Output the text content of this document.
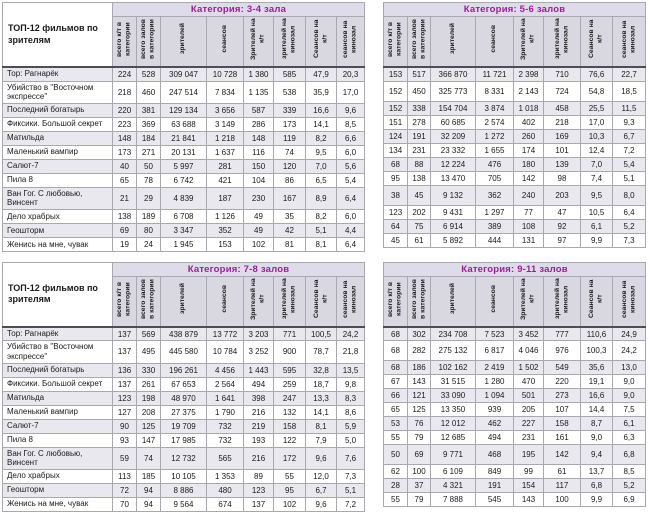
ТОП-12 фильмов по зрителям	Категория: 3-4 зала							
	всего к/т в категории	всего залов в категории	зрителей	сеансов	Зрителей на к/т	зрителей на кинозал	Сеансов на к/т	сеансов на кинозал
Тор: Рагнарёк	224	528	309 047	10 728	1 380	585	47,9	20,3
Убийство в "Восточном экспрессе"	218	460	247 514	7 834	1 135	538	35,9	17,0
Последний богатырь	220	381	129 134	3 656	587	339	16,6	9,6
Фиксики. Большой секрет	223	369	63 688	3 149	286	173	14,1	8,5
Матильда	148	184	21 841	1 218	148	119	8,2	6,6
Маленький вампир	173	271	20 131	1 637	116	74	9,5	6,0
Салют-7	40	50	5 997	281	150	120	7,0	5,6
Пила 8	65	78	6 742	421	104	86	6,5	5,4
Ван Гог. С любовью, Винсент	21	29	4 839	187	230	167	8,9	6,4
Дело храбрых	138	189	6 708	1 126	49	35	8,2	6,0
Геошторм	69	80	3 347	352	49	42	5,1	4,4
Женись на мне, чувак	19	24	1 945	153	102	81	8,1	6,4
Категория: 5-6 залов							
всего к/т в категории	всего залов в категории	зрителей	сеансов	Зрителей на к/т	зрителей на кинозал	Сеансов на к/т	сеансов на кинозал
153	517	366 870	11 721	2 398	710	76,6	22,7
152	450	325 773	8 331	2 143	724	54,8	18,5
152	338	154 704	3 874	1 018	458	25,5	11,5
151	278	60 685	2 574	402	218	17,0	9,3
124	191	32 209	1 272	260	169	10,3	6,7
134	231	23 332	1 655	174	101	12,4	7,2
68	88	12 224	476	180	139	7,0	5,4
95	138	13 470	705	142	98	7,4	5,1
38	45	9 132	362	240	203	9,5	8,0
123	202	9 431	1 297	77	47	10,5	6,4
64	75	6 914	389	108	92	6,1	5,2
45	61	5 892	444	131	97	9,9	7,3
ТОП-12 фильмов по зрителям	Категория: 7-8 залов							
	всего к/т в категории	всего залов в категории	зрителей	сеансов	Зрителей на к/т	зрителей на кинозал	Сеансов на к/т	сеансов на кинозал
Тор: Рагнарёк	137	569	438 879	13 772	3 203	771	100,5	24,2
Убийство в "Восточном экспрессе"	137	495	445 580	10 784	3 252	900	78,7	21,8
Последний богатырь	136	330	196 261	4 456	1 443	595	32,8	13,5
Фиксики. Большой секрет	137	261	67 653	2 564	494	259	18,7	9,8
Матильда	123	198	48 970	1 641	398	247	13,3	8,3
Маленький вампир	127	208	27 375	1 790	216	132	14,1	8,6
Салют-7	90	125	19 709	732	219	158	8,1	5,9
Пила 8	93	147	17 985	732	193	122	7,9	5,0
Ван Гог. С любовью, Винсент	59	74	12 732	565	216	172	9,6	7,6
Дело храбрых	113	185	10 105	1 353	89	55	12,0	7,3
Геошторм	72	94	8 886	480	123	95	6,7	5,1
Женись на мне, чувак	70	94	9 564	674	137	102	9,6	7,2
Категория: 9-11 залов							
всего к/т в категории	всего залов в категории	зрителей	сеансов	Зрителей на к/т	зрителей на кинозал	Сеансов на к/т	сеансов на кинозал
68	302	234 708	7 523	3 452	777	110,6	24,9
68	282	275 132	6 817	4 046	976	100,3	24,2
68	186	102 162	2 419	1 502	549	35,6	13,0
67	143	31 515	1 280	470	220	19,1	9,0
66	121	33 090	1 094	501	273	16,6	9,0
65	125	13 350	939	205	107	14,4	7,5
53	76	12 012	462	227	158	8,7	6,1
55	79	12 685	494	231	161	9,0	6,3
50	69	9 771	468	195	142	9,4	6,8
62	100	6 109	849	99	61	13,7	8,5
28	37	4 321	191	154	117	6,8	5,2
55	79	7 888	545	143	100	9,9	6,9
